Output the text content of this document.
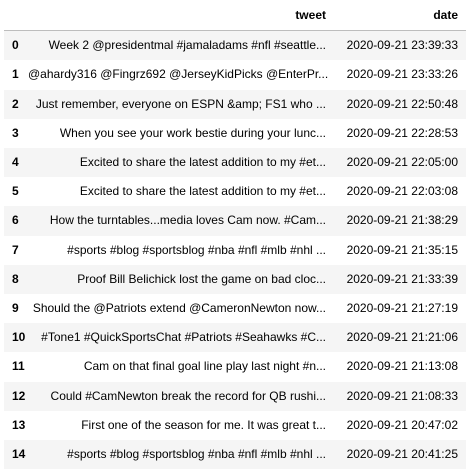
	tweet	date
0	Week 2 @presidentmal #jamaladams #nfl #seattle...	2020-09-21 23:39:33
1	@ahardy316 @Fingrz692 @JerseyKidPicks @EnterPr...	2020-09-21 23:33:26
2	Just remember, everyone on ESPN &amp; FS1 who ...	2020-09-21 22:50:48
3	When you see your work bestie during your lunc...	2020-09-21 22:28:53
4	Excited to share the latest addition to my #et...	2020-09-21 22:05:00
5	Excited to share the latest addition to my #et...	2020-09-21 22:03:08
6	How the turntables...media loves Cam now. #Cam...	2020-09-21 21:38:29
7	#sports #blog #sportsblog #nba #nfl #mlb #nhl ...	2020-09-21 21:35:15
8	Proof Bill Belichick lost the game on bad cloc...	2020-09-21 21:33:39
9	Should the @Patriots extend @CameronNewton now...	2020-09-21 21:27:19
10	#Tone1 #QuickSportsChat #Patriots #Seahawks #C...	2020-09-21 21:21:06
11	Cam on that final goal line play last night #n...	2020-09-21 21:13:08
12	Could #CamNewton break the record for QB rushi...	2020-09-21 21:08:33
13	First one of the season for me. It was great t...	2020-09-21 20:47:02
14	#sports #blog #sportsblog #nba #nfl #mlb #nhl ...	2020-09-21 20:41:25
